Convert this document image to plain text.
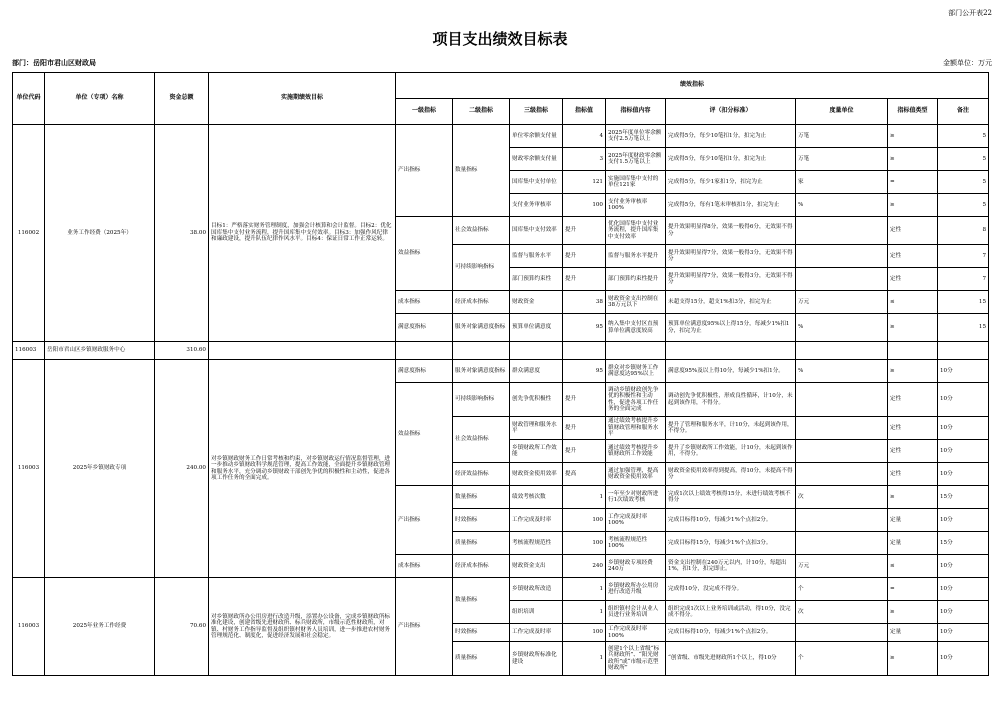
部门公开表22
项目支出绩效目标表
部门：岳阳市君山区财政局	金额单位：万元
单位代码	单位（专项）名称	资金总额	实施期绩效目标	绩效指标								
				一级指标	二级指标	三级指标	指标值	指标值内容	评（扣分标准）	度量单位	指标值类型	备注
116002	业务工作经费（2025年）	38.00	目标1：严格落实财务管理制度，加强会计核算和会计监督。目标2：优化国库集中支付业务流程，提升国库集中支付效率。目标3：加强作风纪律和廉政建设，提升队伍纪律作风水平。目标4：保证日常工作正常运转。	产出指标	数量指标	单位零余额支付量	4	2025年度单位零余额支付2.5万笔以上	完成得5分，每少10笔扣1分，扣完为止	万笔	≥	5
						财政零余额支付量	3	2025年度财政零余额支付1.5万笔以上	完成得5分，每少10笔扣1分，扣完为止	万笔	≥	5
						国库集中支付单位	121	实施国库集中支付的单位121家	完成得5分，每少1家扣1分，扣完为止	家	=	5
						支付业务审核率	100	支付业务审核率100%	完成得5分，每有1笔未审核扣1分，扣完为止	%	≥	5
				效益指标	社会效益指标	国库集中支付效率	提升	优化国库集中支付业务流程，提升国库集中支付效率	提升效果明显得8分，效果一般得6分，无效果不得分		定性	8
					可持续影响指标	监督与服务水平	提升	监督与服务水平提升	提升效果明显得7分，效果一般得3分，无效果不得分		定性	7
						部门预算约束性	提升	部门预算约束性提升	提升效果明显得7分，效果一般得3分，无效果不得分		定性	7
				成本指标	经济成本指标	财政资金	38	财政资金支出控制在38万元以下	未超支得15分，超支1%扣3分，扣完为止	万元	≤	15
				满意度指标	服务对象满意度指标	预算单位满意度	95	纳入集中支付区直预算单位满意度较高	预算单位满意度95%以上得15分，每减少1%扣1分，扣完为止	%	≥	15
116003	岳阳市君山区乡镇财政服务中心	310.60										
116003	2025年乡镇财政专项	240.00	对乡镇财政财务工作日常考核和约束，对乡镇财政运行情况监督管理，进一步推动乡镇财政科学规范管理，提高工作效能，全面提升乡镇财政管理和服务水平，充分调动乡镇财政干部创先争优的积极性和主动性，促进各项工作任务的全面完成。	满意度指标	服务对象满意度指标	群众满意度	95	群众对乡镇财务工作满意度达95%以上	满意度95%及以上得10分，每减少1%扣1分。	%	≥	10分
				效益指标	可持续影响指标	创先争优积极性	提升	调动乡镇财政创先争优的积极性和主动性，促进各项工作任务的全面完成	调动创先争优积极性，形成良性循环，计10分，未起到该作用，不得分。		定性	10分
					社会效益指标	财政管理和服务水平	提升	通过绩效考核提升乡镇财政管理和服务水平	提升了管理和服务水平，计10分，未起到该作用，不得分。		定性	10分
						乡镇财政所工作效能	提升	通过绩效考核提升乡镇财政所工作效能	提升了乡镇财政所工作效能，计10分，未起到该作用，不得分。		定性	10分
					经济效益指标	财政资金使用效率	提高	通过加强管理，提高财政资金使用效率	财政资金使用效率得到提高，得10分，未提高不得分		定性	10分
				产出指标	数量指标	绩效考核次数	1	一年至少对财政所进行1次绩效考核	完成1次以上绩效考核得15分，未进行绩效考核不得分	次	≥	15分
					时效指标	工作完成及时率	100	工作完成及时率100%	完成目标得10分，每减少1%个点扣2分。		定量	10分
					质量指标	考核流程规范性	100	考核流程规范性100%	完成目标得15分，每减少1%个点扣3分。		定量	15分
				成本指标	经济成本指标	财政资金支出	240	乡镇财政专项经费240万	资金支出控制在240万元以内，计10分，每超出1%，扣1分，扣完即止。	万元	≤	10分
116003	2025年业务工作经费	70.60	对乡镇财政所办公用房进行改造升级，添置办公设备，完成乡镇财政所标准化建设，创建省级先进财政所、标兵财政所，市级示范性财政所，对镇、村财务工作指导监督及组织镇村财务人员培训，进一步推进农村财务管理规范化、制度化，促进经济发展和社会稳定。	产出指标	数量指标	乡镇财政所改造	1	乡镇财政所办公用房进行改造升级	完成得10分，没完成不得分。	个	=	10分
						组织培训	1	组织镇村会计从业人员进行业务培训	组织完成1次以上业务培训或活动，得10分，没完成不得分。	次	≥	10分
					时效指标	工作完成及时率	100	工作完成及时率100%	完成目标得10分，每减少1%个点扣2分。		定量	10分
					质量指标	乡镇财政所标准化建设	1	创建1个以上省级“标兵财政所”、“阳光财政所”或“市级示范型财政所”	“创省级、市级先进财政所1个以上，得10分	个	≥	10分
